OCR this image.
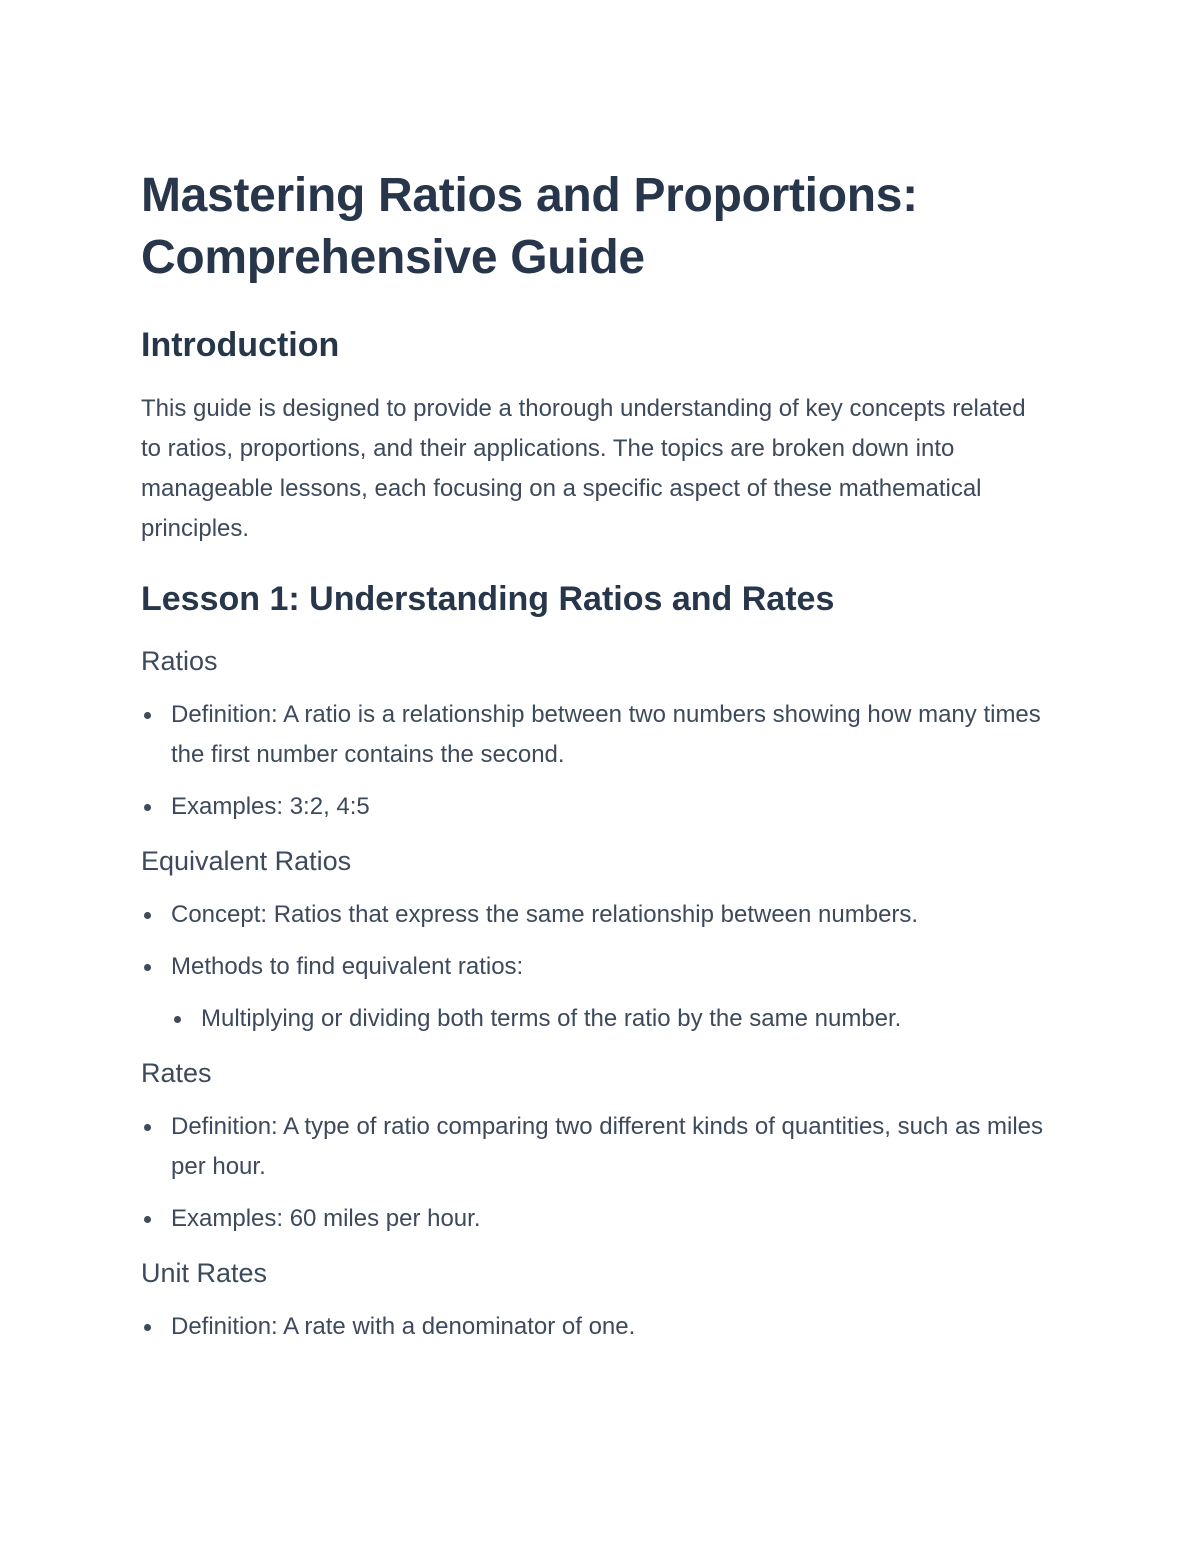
Mastering Ratios and Proportions: Comprehensive Guide
Introduction

This guide is designed to provide a thorough understanding of key concepts related to ratios, proportions, and their applications. The topics are broken down into manageable lessons, each focusing on a specific aspect of these mathematical principles.

Lesson 1: Understanding Ratios and Rates
Ratios
Definition: A ratio is a relationship between two numbers showing how many times the first number contains the second.
Examples: 3:2, 4:5
Equivalent Ratios
Concept: Ratios that express the same relationship between numbers.
Methods to find equivalent ratios:
Multiplying or dividing both terms of the ratio by the same number.
Rates
Definition: A type of ratio comparing two different kinds of quantities, such as miles per hour.
Examples: 60 miles per hour.
Unit Rates
Definition: A rate with a denominator of one.
